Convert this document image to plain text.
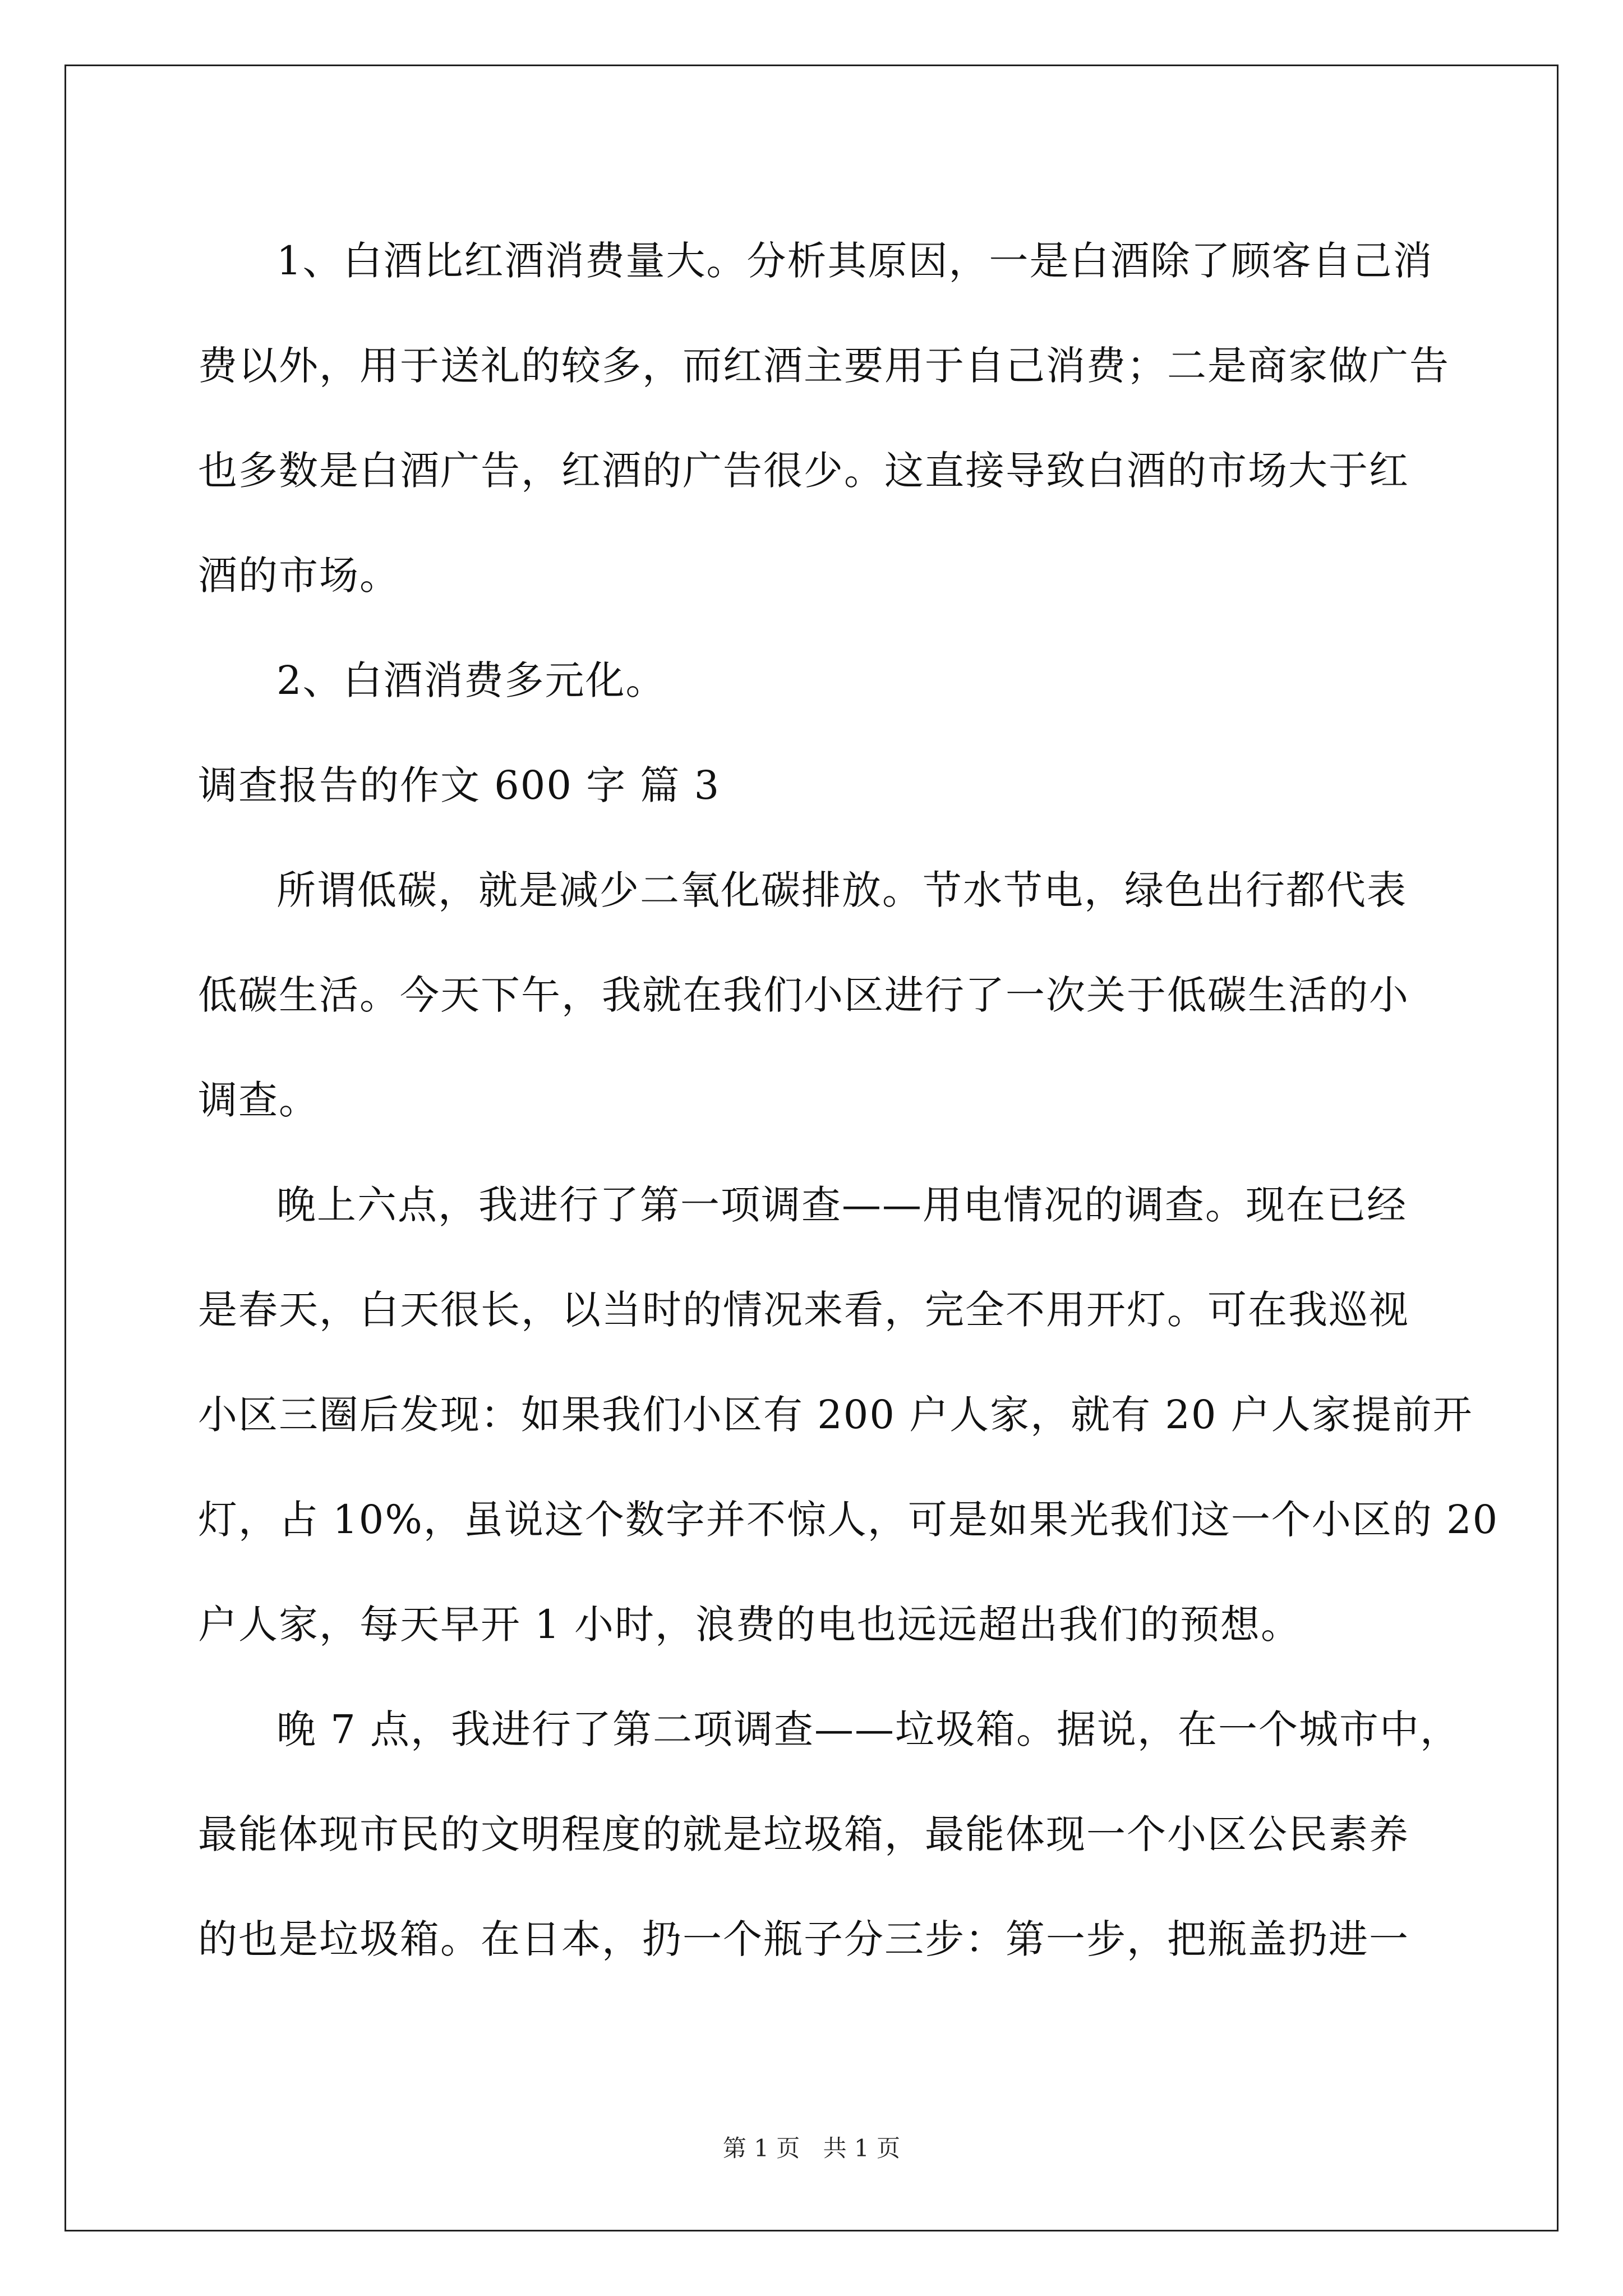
1、白酒比红酒消费量大。分析其原因，一是白酒除了顾客自己消
费以外，用于送礼的较多，而红酒主要用于自己消费；二是商家做广告
也多数是白酒广告，红酒的广告很少。这直接导致白酒的市场大于红
酒的市场。
2、白酒消费多元化。
调查报告的作文 600 字 篇 3
所谓低碳，就是减少二氧化碳排放。节水节电，绿色出行都代表
低碳生活。今天下午，我就在我们小区进行了一次关于低碳生活的小
调查。
晚上六点，我进行了第一项调查——用电情况的调查。现在已经
是春天，白天很长，以当时的情况来看，完全不用开灯。可在我巡视
小区三圈后发现：如果我们小区有 200 户人家，就有 20 户人家提前开
灯，占 10%，虽说这个数字并不惊人，可是如果光我们这一个小区的 20
户人家，每天早开 1 小时，浪费的电也远远超出我们的预想。
晚 7 点，我进行了第二项调查——垃圾箱。据说，在一个城市中，
最能体现市民的文明程度的就是垃圾箱，最能体现一个小区公民素养
的也是垃圾箱。在日本，扔一个瓶子分三步：第一步，把瓶盖扔进一
第 1 页 共 1 页
